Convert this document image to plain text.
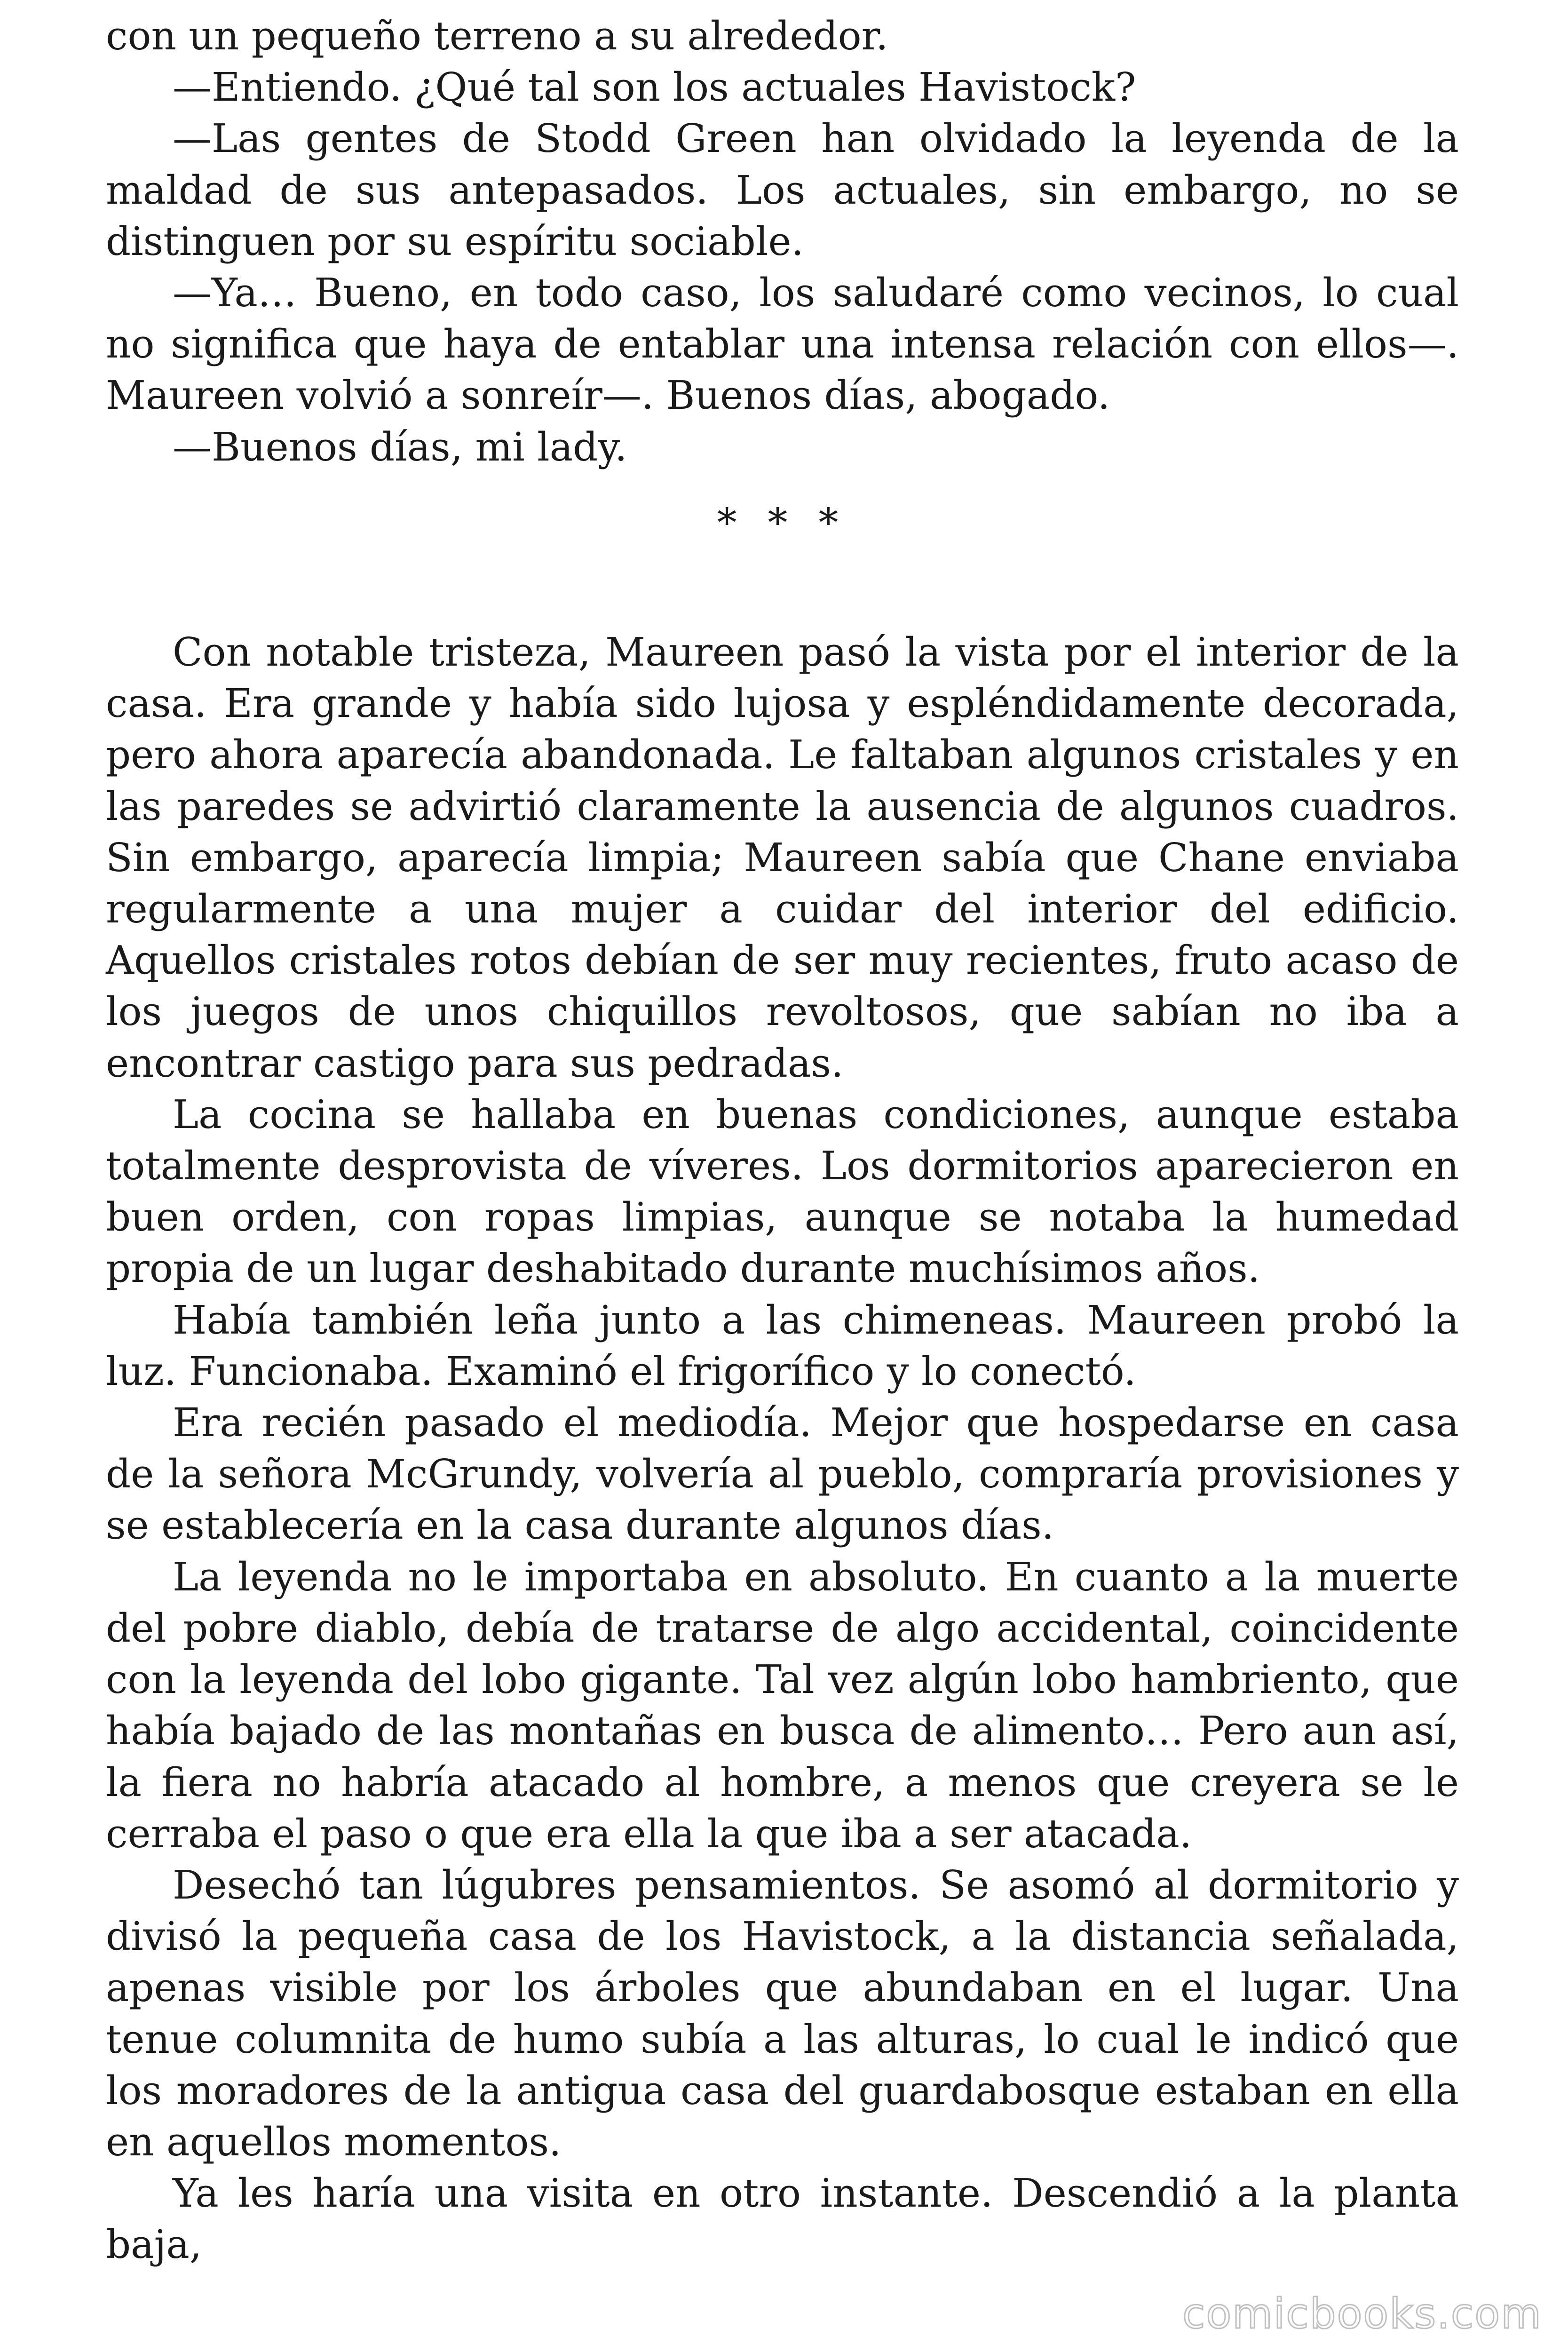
con un pequeño terreno a su alrededor.

—Entiendo. ¿Qué tal son los actuales Havistock?

—Las gentes de Stodd Green han olvidado la leyenda de la maldad de sus antepasados. Los actuales, sin embargo, no se distinguen por su espíritu sociable.

—Ya… Bueno, en todo caso, los saludaré como vecinos, lo cual no significa que haya de entablar una intensa relación con ellos—. Maureen volvió a sonreír—. Buenos días, abogado.

—Buenos días, mi lady.

* * *

Con notable tristeza, Maureen pasó la vista por el interior de la casa. Era grande y había sido lujosa y espléndidamente decorada, pero ahora aparecía abandonada. Le faltaban algunos cristales y en las paredes se advirtió claramente la ausencia de algunos cuadros. Sin embargo, aparecía limpia; Maureen sabía que Chane enviaba regularmente a una mujer a cuidar del interior del edificio. Aquellos cristales rotos debían de ser muy recientes, fruto acaso de los juegos de unos chiquillos revoltosos, que sabían no iba a encontrar castigo para sus pedradas.

La cocina se hallaba en buenas condiciones, aunque estaba totalmente desprovista de víveres. Los dormitorios aparecieron en buen orden, con ropas limpias, aunque se notaba la humedad propia de un lugar deshabitado durante muchísimos años.

Había también leña junto a las chimeneas. Maureen probó la luz. Funcionaba. Examinó el frigorífico y lo conectó.

Era recién pasado el mediodía. Mejor que hospedarse en casa de la señora McGrundy, volvería al pueblo, compraría provisiones y se establecería en la casa durante algunos días.

La leyenda no le importaba en absoluto. En cuanto a la muerte del pobre diablo, debía de tratarse de algo accidental, coincidente con la leyenda del lobo gigante. Tal vez algún lobo hambriento, que había bajado de las montañas en busca de alimento… Pero aun así, la fiera no habría atacado al hombre, a menos que creyera se le cerraba el paso o que era ella la que iba a ser atacada.

Desechó tan lúgubres pensamientos. Se asomó al dormitorio y divisó la pequeña casa de los Havistock, a la distancia señalada, apenas visible por los árboles que abundaban en el lugar. Una tenue columnita de humo subía a las alturas, lo cual le indicó que los moradores de la antigua casa del guardabosque estaban en ella en aquellos momentos.

Ya les haría una visita en otro instante. Descendió a la planta baja,

comicbooks.com
